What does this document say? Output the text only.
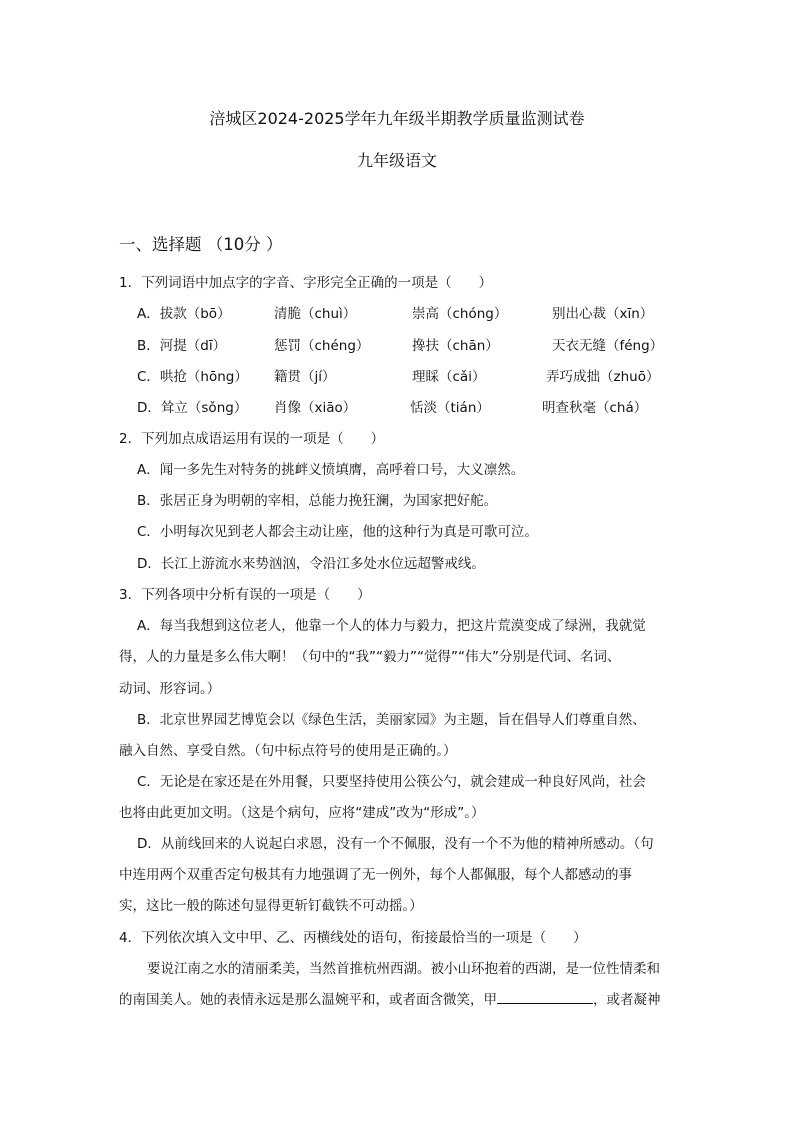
涪城区2024-2025学年九年级半期教学质量监测试卷
九年级语文
一、选择题 （10分 ）
1．下列词语中加点字的字音、字形完全正确的一项是（　　）
A．拔款（bō）	清脆（chuì）	崇高（chóng）	别出心裁（xīn）
B．河提（dī）	惩罚（chéng）	搀扶（chān）	天衣无缝（féng）
C．哄抢（hōng） 籍贯（jí）	理睬（cǎi）	弄巧成拙（zhuō）
D．耸立（sǒng） 肖像（xiāo）	恬淡（tián）	明查秋毫（chá）
2．下列加点成语运用有误的一项是（　　）
A．闻一多先生对特务的挑衅义愤填膺，高呼着口号，大义凛然。
B．张居正身为明朝的宰相，总能力挽狂澜，为国家把好舵。
C．小明每次见到老人都会主动让座，他的这种行为真是可歌可泣。
D．长江上游流水来势汹汹，令沿江多处水位远超警戒线。
3．下列各项中分析有误的一项是（　　）
A．每当我想到这位老人，他靠一个人的体力与毅力，把这片荒漠变成了绿洲，我就觉
得，人的力量是多么伟大啊！（句中的“我”“毅力”“觉得”“伟大”分别是代词、名词、
动词、形容词。）
B．北京世界园艺博览会以《绿色生活，美丽家园》为主题，旨在倡导人们尊重自然、
融入自然、享受自然。（句中标点符号的使用是正确的。）
C．无论是在家还是在外用餐，只要坚持使用公筷公勺，就会建成一种良好风尚，社会
也将由此更加文明。（这是个病句，应将“建成”改为“形成”。）
D．从前线回来的人说起白求恩，没有一个不佩服，没有一个不为他的精神所感动。（句
中连用两个双重否定句极其有力地强调了无一例外，每个人都佩服，每个人都感动的事
实，这比一般的陈述句显得更斩钉截铁不可动摇。）
4．下列依次填入文中甲、乙、丙横线处的语句，衔接最恰当的一项是（　　）
要说江南之水的清丽柔美，当然首推杭州西湖。被小山环抱着的西湖，是一位性情柔和
的南国美人。她的表情永远是那么温婉平和，或者面含微笑，甲	，或者凝神
